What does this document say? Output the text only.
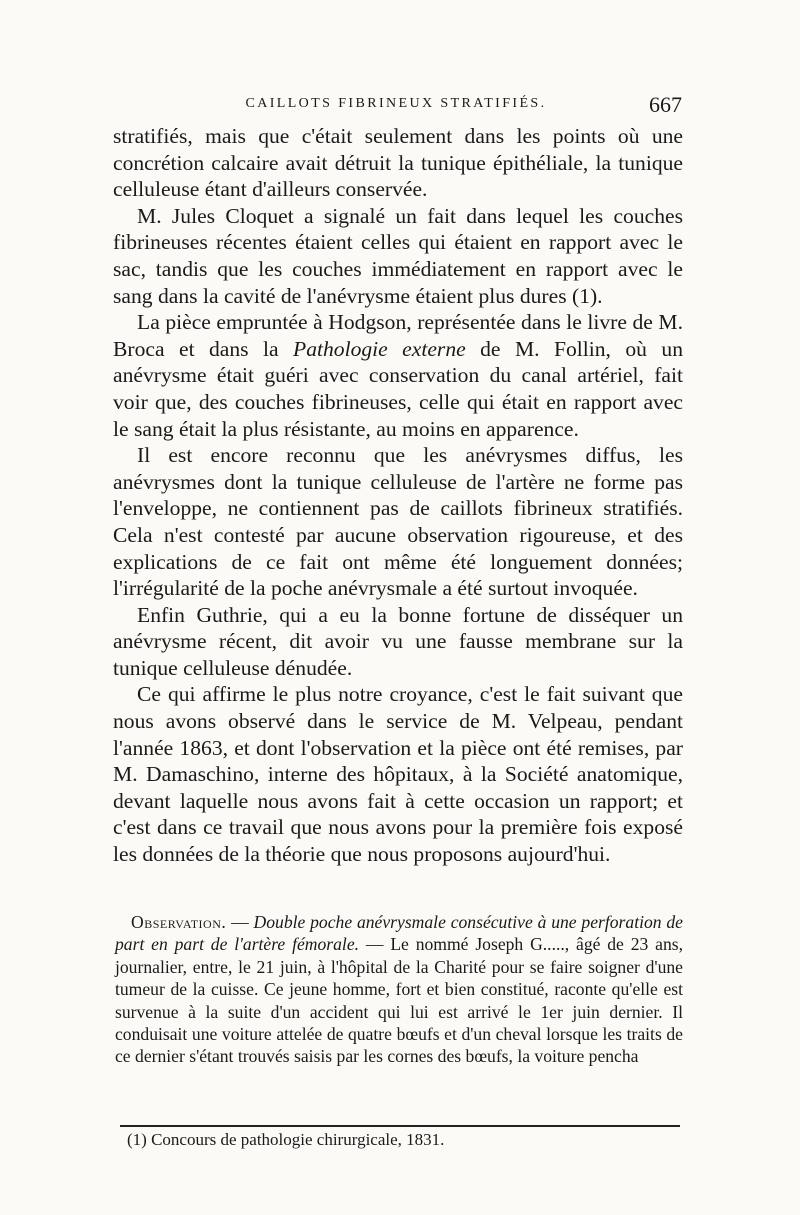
CAILLOTS FIBRINEUX STRATIFIÉS.	667

stratifiés, mais que c'était seulement dans les points où une concrétion calcaire avait détruit la tunique épithéliale, la tunique celluleuse étant d'ailleurs conservée.

M. Jules Cloquet a signalé un fait dans lequel les couches fibrineuses récentes étaient celles qui étaient en rapport avec le sac, tandis que les couches immédiatement en rapport avec le sang dans la cavité de l'anévrysme étaient plus dures (1).

La pièce empruntée à Hodgson, représentée dans le livre de M. Broca et dans la Pathologie externe de M. Follin, où un anévrysme était guéri avec conservation du canal artériel, fait voir que, des couches fibrineuses, celle qui était en rapport avec le sang était la plus résistante, au moins en apparence.

Il est encore reconnu que les anévrysmes diffus, les anévrysmes dont la tunique celluleuse de l'artère ne forme pas l'enveloppe, ne contiennent pas de caillots fibrineux stratifiés. Cela n'est contesté par aucune observation rigoureuse, et des explications de ce fait ont même été longuement données; l'irrégularité de la poche anévrysmale a été surtout invoquée.

Enfin Guthrie, qui a eu la bonne fortune de disséquer un anévrysme récent, dit avoir vu une fausse membrane sur la tunique celluleuse dénudée.

Ce qui affirme le plus notre croyance, c'est le fait suivant que nous avons observé dans le service de M. Velpeau, pendant l'année 1863, et dont l'observation et la pièce ont été remises, par M. Damaschino, interne des hôpitaux, à la Société anatomique, devant laquelle nous avons fait à cette occasion un rapport; et c'est dans ce travail que nous avons pour la première fois exposé les données de la théorie que nous proposons aujourd'hui.

Observation. — Double poche anévrysmale consécutive à une perforation de part en part de l'artère fémorale. — Le nommé Joseph G....., âgé de 23 ans, journalier, entre, le 21 juin, à l'hôpital de la Charité pour se faire soigner d'une tumeur de la cuisse. Ce jeune homme, fort et bien constitué, raconte qu'elle est survenue à la suite d'un accident qui lui est arrivé le 1er juin dernier. Il conduisait une voiture attelée de quatre bœufs et d'un cheval lorsque les traits de ce dernier s'étant trouvés saisis par les cornes des bœufs, la voiture pencha

(1) Concours de pathologie chirurgicale, 1831.
